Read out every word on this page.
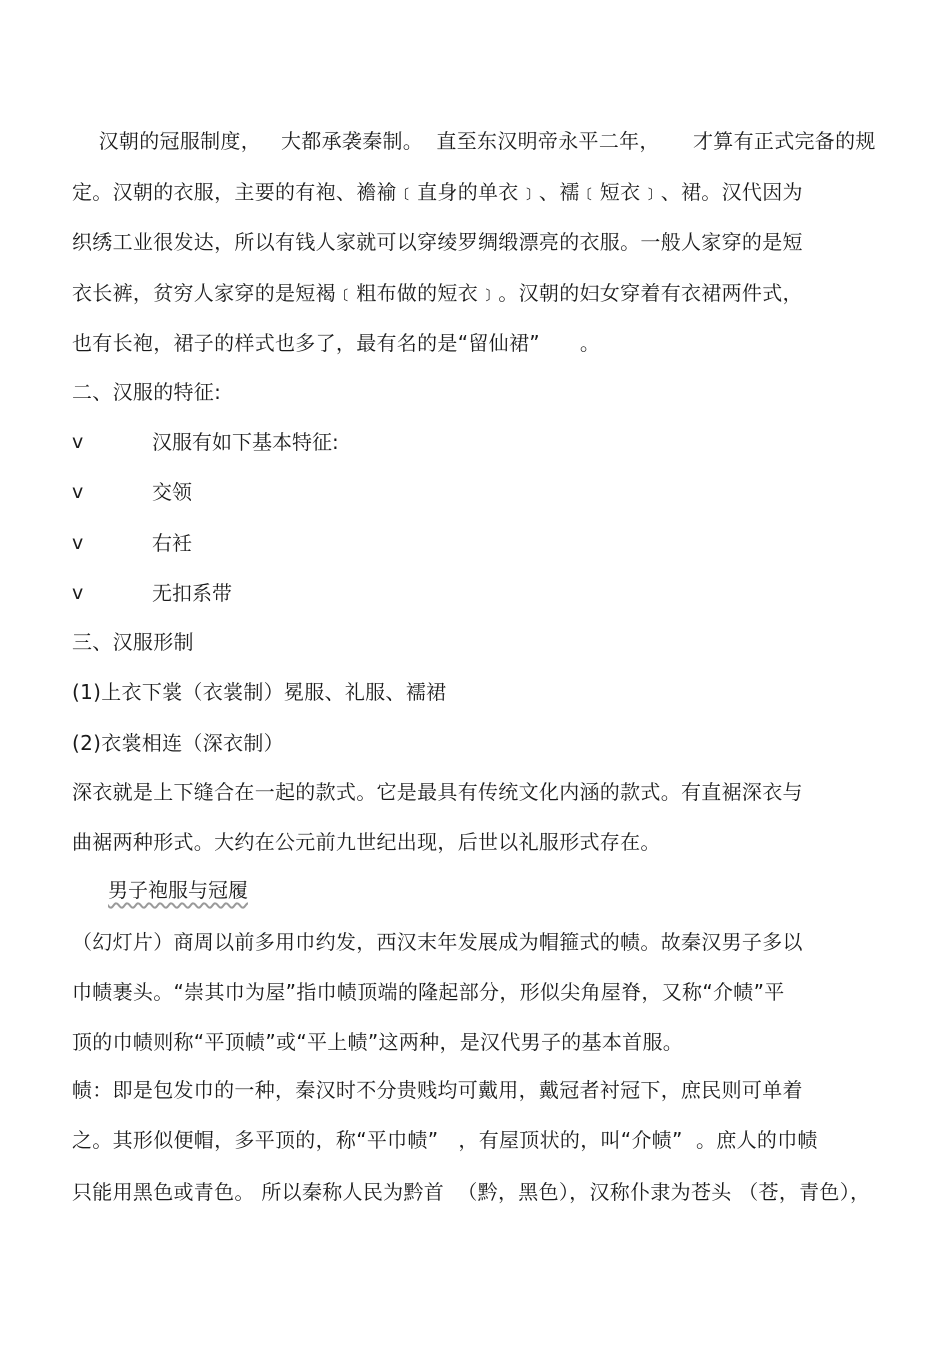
汉朝的冠服制度，   大都承袭秦制。  直至东汉明帝永平二年，     才算有正式完备的规
定。汉朝的衣服，主要的有袍、襜褕﹝直身的单衣﹞、襦﹝短衣﹞、裙。汉代因为
织绣工业很发达，所以有钱人家就可以穿绫罗绸缎漂亮的衣服。一般人家穿的是短
衣长裤，贫穷人家穿的是短褐﹝粗布做的短衣﹞。汉朝的妇女穿着有衣裙两件式，
也有长袍，裙子的样式也多了，最有名的是“留仙裙”      。
二、汉服的特征:
v	汉服有如下基本特征:
v	交领
v	右衽
v	无扣系带
三、汉服形制
(1)上衣下裳（衣裳制）冕服、礼服、襦裙
(2)衣裳相连（深衣制）
深衣就是上下缝合在一起的款式。它是最具有传统文化内涵的款式。有直裾深衣与
曲裾两种形式。大约在公元前九世纪出现，后世以礼服形式存在。
男子袍服与冠履
（幻灯片）商周以前多用巾约发，西汉末年发展成为帽箍式的帻。故秦汉男子多以
巾帻裹头。“崇其巾为屋”指巾帻顶端的隆起部分，形似尖角屋脊，又称“介帻”平
顶的巾帻则称“平顶帻”或“平上帻”这两种，是汉代男子的基本首服。
帻：即是包发巾的一种，秦汉时不分贵贱均可戴用，戴冠者衬冠下，庶民则可单着
之。其形似便帽，多平顶的，称“平巾帻”   ，有屋顶状的，叫“介帻”  。庶人的巾帻
只能用黑色或青色。 所以秦称人民为黔首  （黔，黑色），汉称仆隶为苍头 （苍，青色），
